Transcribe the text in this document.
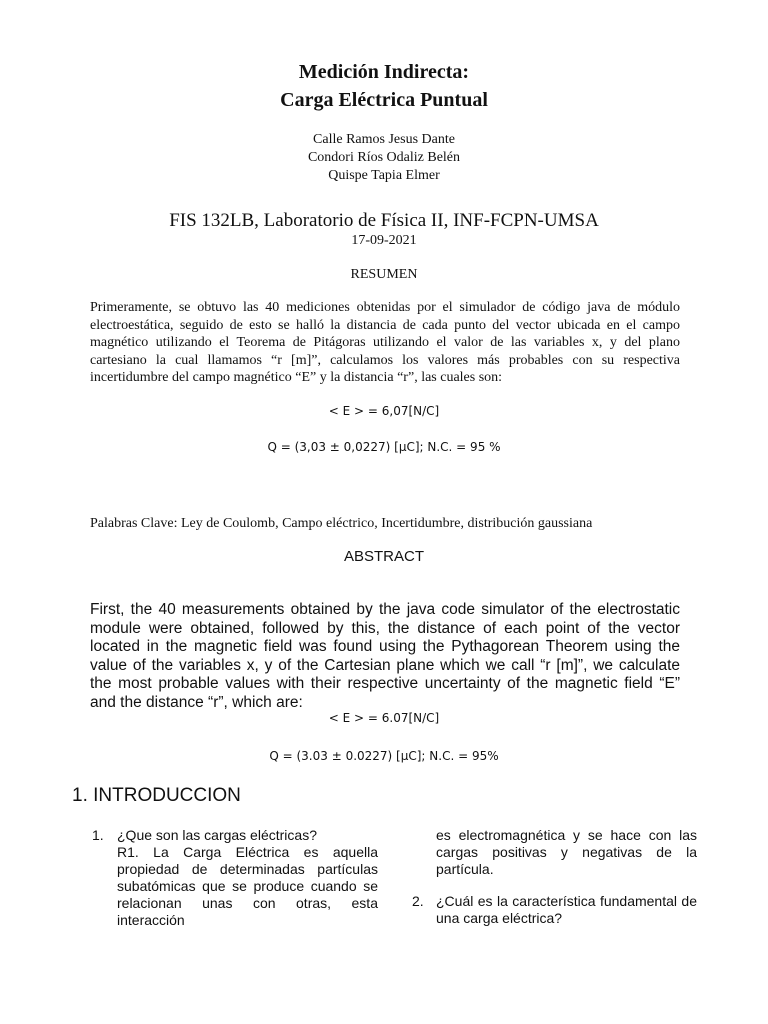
Medición Indirecta:
Carga Eléctrica Puntual
Calle Ramos Jesus Dante
Condori Ríos Odaliz Belén
Quispe Tapia Elmer
FIS 132LB, Laboratorio de Física II, INF-FCPN-UMSA
17-09-2021
RESUMEN
Primeramente, se obtuvo las 40 mediciones obtenidas por el simulador de código java de módulo electroestática, seguido de esto se halló la distancia de cada punto del vector ubicada en el campo magnético utilizando el Teorema de Pitágoras utilizando el valor de las variables x, y del plano cartesiano la cual llamamos “r [m]”, calculamos los valores más probables con su respectiva incertidumbre del campo magnético “E” y la distancia “r”, las cuales son:
< E > = 6,07[N/C]
Q = (3,03 ± 0,0227) [µC]; N.C. = 95 %
Palabras Clave: Ley de Coulomb, Campo eléctrico, Incertidumbre, distribución gaussiana
ABSTRACT
First, the 40 measurements obtained by the java code simulator of the electrostatic module were obtained, followed by this, the distance of each point of the vector located in the magnetic field was found using the Pythagorean Theorem using the value of the variables x, y of the Cartesian plane which we call “r [m]”, we calculate the most probable values with their respective uncertainty of the magnetic field “E” and the distance “r”, which are:
< E > = 6.07[N/C]
Q = (3.03 ± 0.0227) [µC]; N.C. = 95%
1. INTRODUCCION
1. ¿Que son las cargas eléctricas?
R1. La Carga Eléctrica es aquella propiedad de determinadas partículas subatómicas que se produce cuando se relacionan unas con otras, esta interacción
es electromagnética y se hace con las cargas positivas y negativas de la partícula.
2. ¿Cuál es la característica fundamental de una carga eléctrica?
